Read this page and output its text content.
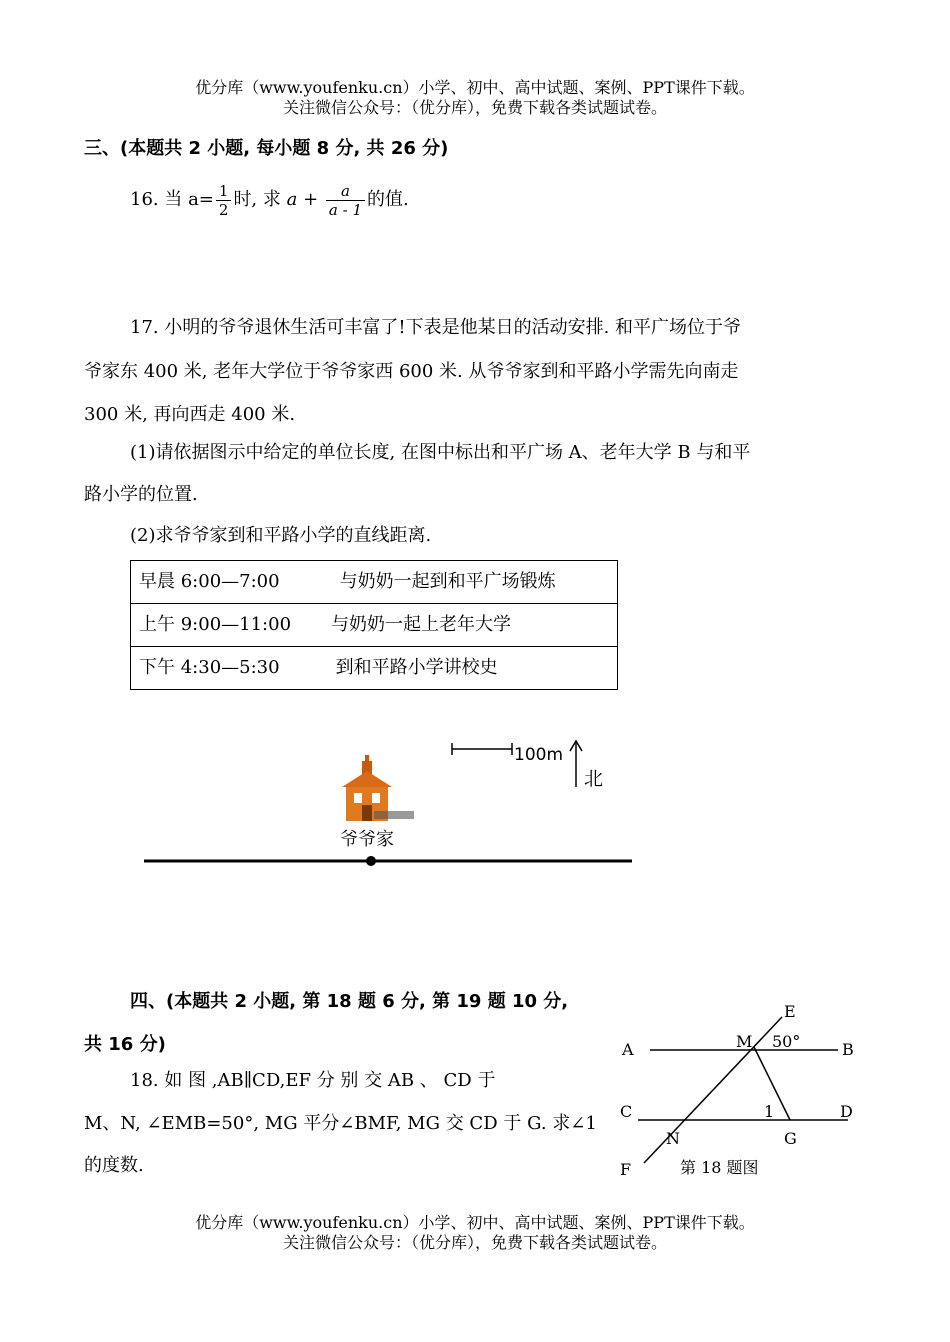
优分库（www.youfenku.cn）小学、初中、高中试题、案例、PPT课件下载。
关注微信公众号：（优分库），免费下载各类试题试卷。
三、(本题共 2 小题, 每小题 8 分, 共 26 分)
16. 当 $a= \frac{1}{2}$ 时, 求 $a + \frac{a}{a - 1}$ 的值.
17. 小明的爷爷退休生活可丰富了!下表是他某日的活动安排. 和平广场位于爷
爷家东 400 米, 老年大学位于爷爷家西 600 米. 从爷爷家到和平路小学需先向南走
300 米, 再向西走 400 米.
(1)请依据图示中给定的单位长度, 在图中标出和平广场 A、老年大学 B 与和平
路小学的位置.
(2)求爷爷家到和平路小学的直线距离.
早晨 6:00—7:00	与奶奶一起到和平广场锻炼
上午 9:00—11:00 与奶奶一起上老年大学
下午 4:30—5:30	到和平路小学讲校史
100m
北
爷爷家
四、(本题共 2 小题, 第 18 题 6 分, 第 19 题 10 分,
共 16 分)
18. 如 图 ,AB∥CD,EF 分 别 交 AB 、 CD 于
M、N, ∠EMB=50°, MG 平分∠BMF, MG 交 CD 于 G. 求∠1
的度数.
E
A	M 50°	B
C	1	D
N	G
F	第 18 题图
优分库（www.youfenku.cn）小学、初中、高中试题、案例、PPT课件下载。
关注微信公众号：（优分库），免费下载各类试题试卷。
